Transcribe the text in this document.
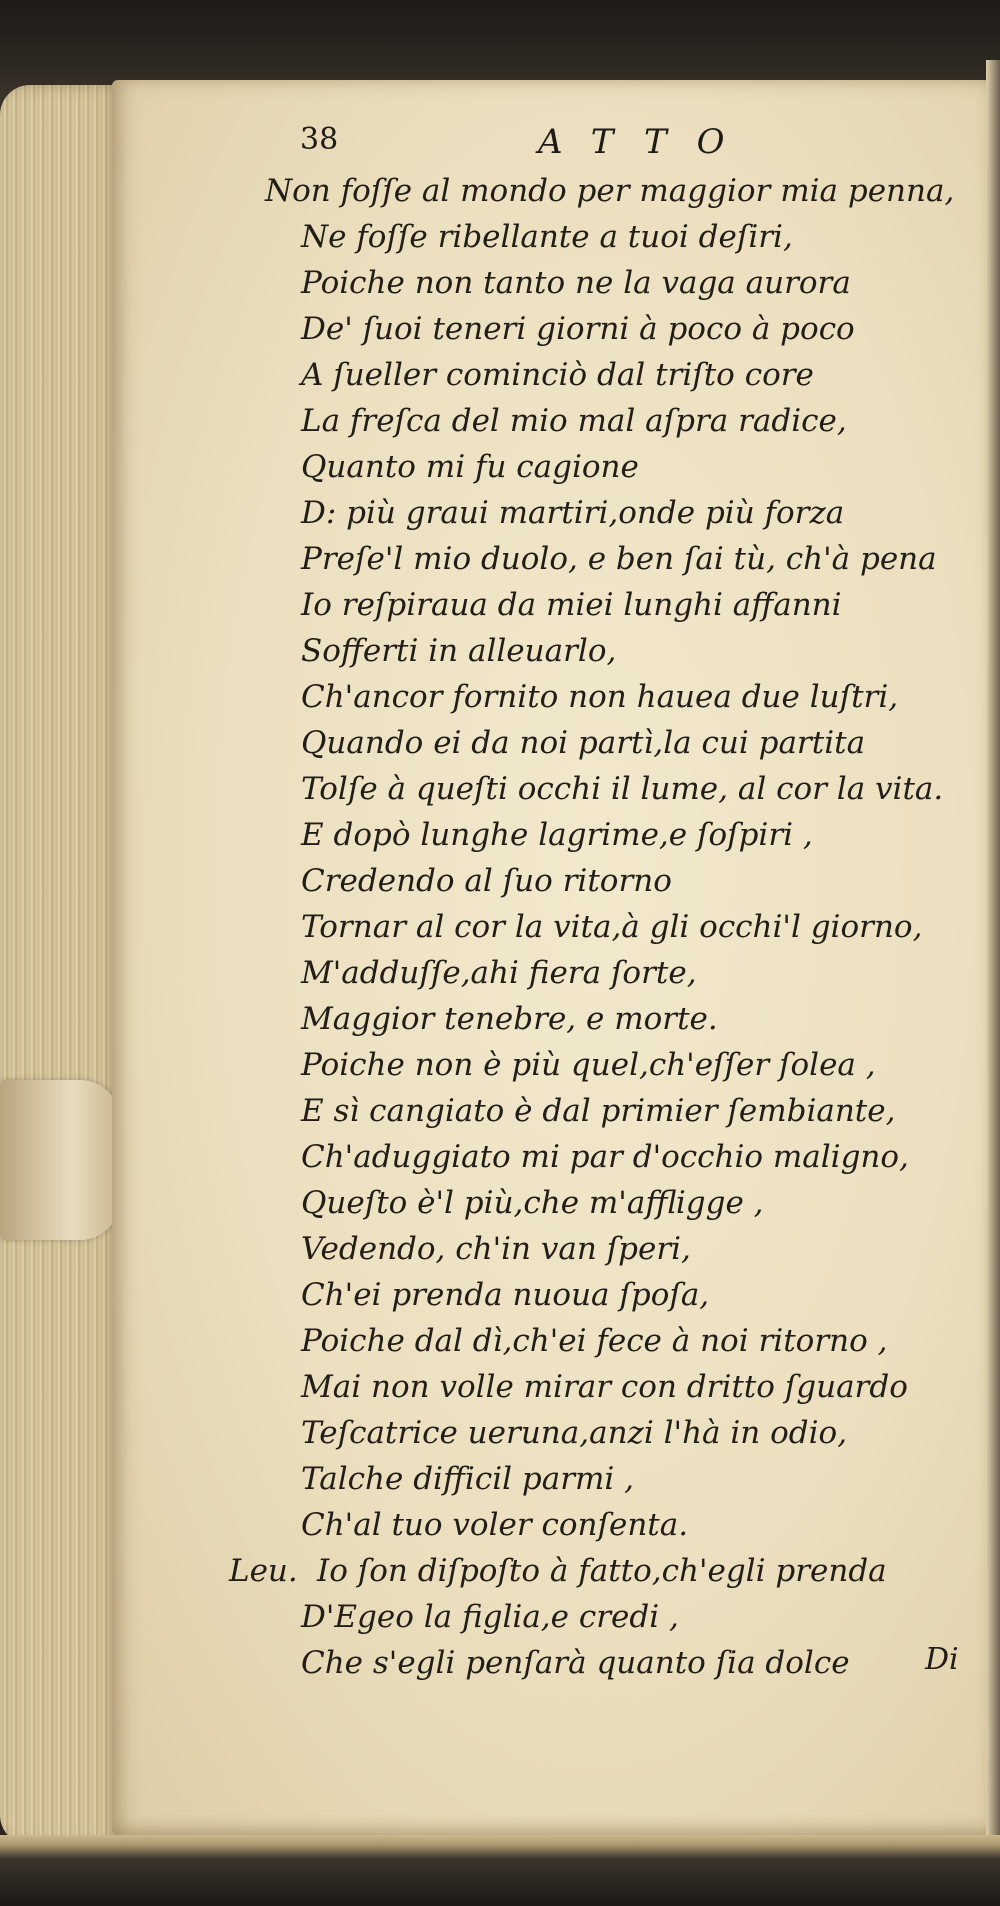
38	ATTO
Non foſſe al mondo per maggior mia penna,
Ne foſſe ribellante a tuoi deſiri,
Poiche non tanto ne la vaga aurora
De' ſuoi teneri giorni à poco à poco
A ſueller cominciò dal triſto core
La freſca del mio mal aſpra radice,
Quanto mi fu cagione
D: più graui martiri,onde più forza
Preſe'l mio duolo, e ben ſai tù, ch'à pena
Io reſpiraua da miei lunghi affanni
Sofferti in alleuarlo,
Ch'ancor fornito non hauea due luſtri,
Quando ei da noi partì,la cui partita
Tolſe à queſti occhi il lume, al cor la vita.
E dopò lunghe lagrime,e ſoſpiri ,
Credendo al ſuo ritorno
Tornar al cor la vita,à gli occhi'l giorno,
M'adduſſe,ahi fiera ſorte,
Maggior tenebre, e morte.
Poiche non è più quel,ch'eſſer ſolea ,
E sì cangiato è dal primier ſembiante,
Ch'aduggiato mi par d'occhio maligno,
Queſto è'l più,che m'affligge ,
Vedendo, ch'in van ſperi,
Ch'ei prenda nuoua ſpoſa,
Poiche dal dì,ch'ei fece à noi ritorno ,
Mai non volle mirar con dritto ſguardo
Teſcatrice ueruna,anzi l'hà in odio,
Talche difficil parmi ,
Ch'al tuo voler conſenta.
Leu. Io ſon diſpoſto à fatto,ch'egli prenda
D'Egeo la figlia,e credi ,
Che s'egli penſarà quanto ſia dolce	Di
